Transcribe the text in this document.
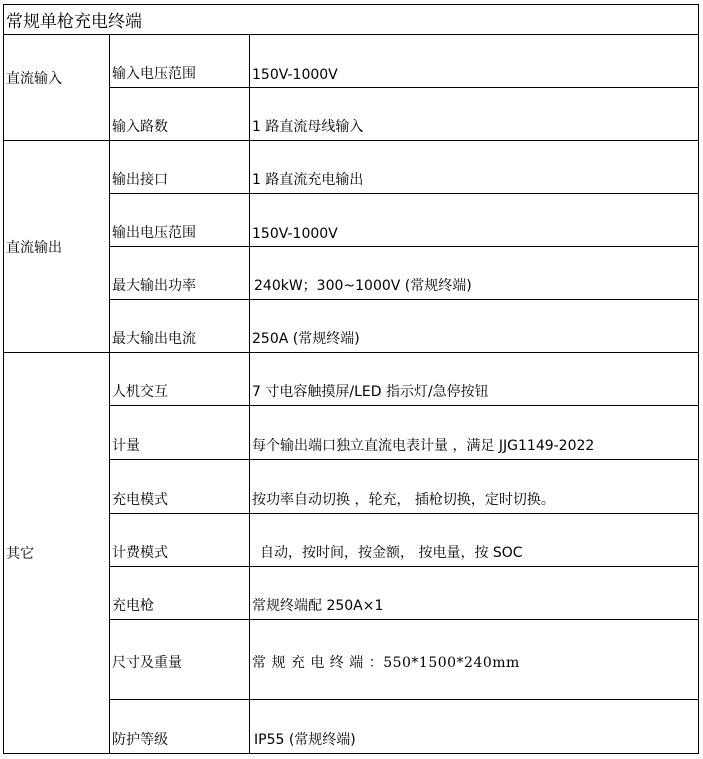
常规单枪充电终端		
直流输入	输入电压范围	150V-1000V
	输入路数	1 路直流母线输入
直流输出	输出接口	1 路直流充电输出
	输出电压范围	150V-1000V
	最大输出功率	240kW；300~1000V (常规终端)
	最大输出电流	250A (常规终端)
其它	人机交互	7 寸电容触摸屏/LED 指示灯/急停按钮
	计量	每个输出端口独立直流电表计量 ，满足 JJG1149-2022
	充电模式	按功率自动切换 ，轮充， 插枪切换，定时切换。
	计费模式	自动，按时间，按金额， 按电量，按 SOC
	充电枪	常规终端配 250A×1
	尺寸及重量	常 规 充 电 终 端 ：550*1500*240mm
	防护等级	IP55 (常规终端)
